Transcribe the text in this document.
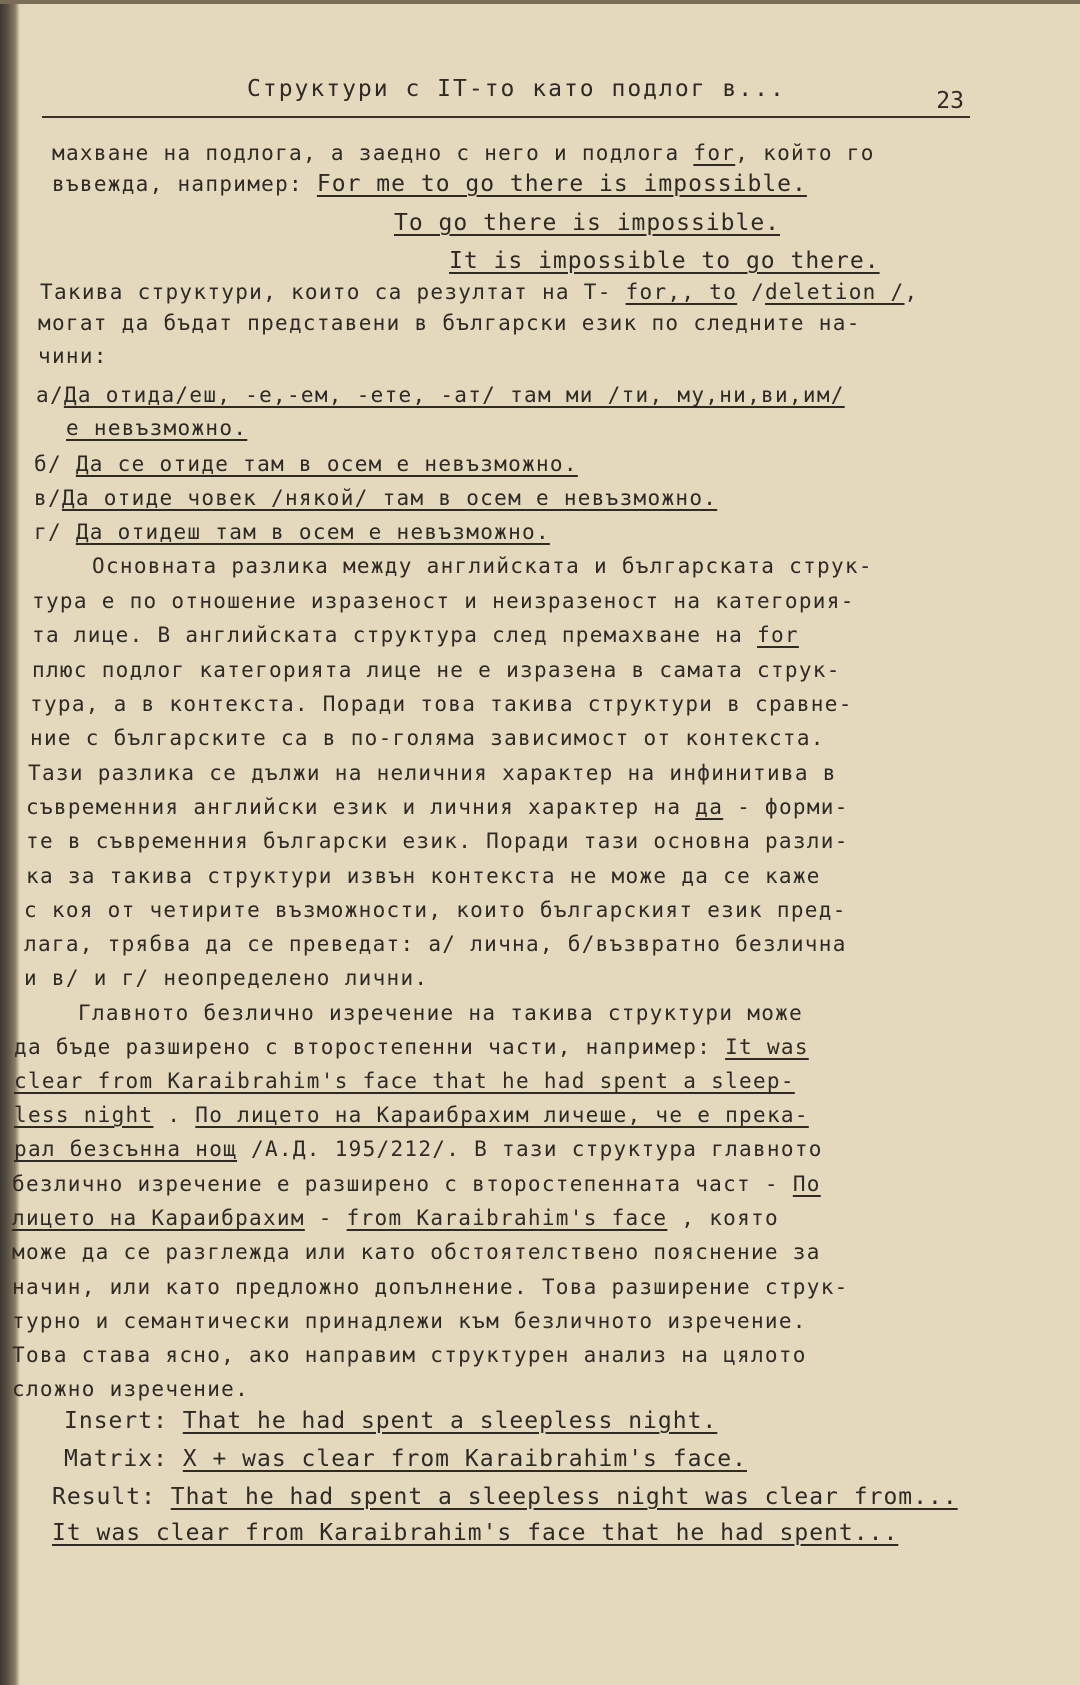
Структури с IТ-то като подлог в...	23
махване на подлога, а заедно с него и подлога for, който го
въвежда, например: For me to go there is impossible.
To go there is impossible.
It is impossible to go there.
Такива структури, които са резултат на Т- for,, to /deletion /,
могат да бъдат представени в български език по следните на-
чини:
а/Да отида/еш, -е,-ем, -ете, -ат/ там ми /ти, му,ни,ви,им/
е невъзможно.
б/ Да се отиде там в осем е невъзможно.
в/Да отиде човек /някой/ там в осем е невъзможно.
г/ Да отидеш там в осем е невъзможно.
Основната разлика между английската и българската струк-
тура е по отношение изразеност и неизразеност на категория-
та лице. В английската структура след премахване на for
плюс подлог категорията лице не е изразена в самата струк-
тура, а в контекста. Поради това такива структури в сравне-
ние с българските са в по-голяма зависимост от контекста.
Тази разлика се дължи на неличния характер на инфинитива в
съвременния английски език и личния характер на да - форми-
те в съвременния български език. Поради тази основна разли-
ка за такива структури извън контекста не може да се каже
с коя от четирите възможности, които българският език пред-
лага, трябва да се преведат: а/ лична, б/възвратно безлична
и в/ и г/ неопределено лични.
Главното безлично изречение на такива структури може
да бъде разширено с второстепенни части, например: It was
clear from Karaibrahim's face that he had spent a sleep-
less night . По лицето на Караибрахим личеше, че е прека-
рал безсънна нощ /А.Д. 195/212/. В тази структура главното
безлично изречение е разширено с второстепенната част - По
лицето на Караибрахим - from Karaibrahim's face , която
може да се разглежда или като обстоятелствено пояснение за
начин, или като предложно допълнение. Това разширение струк-
турно и семантически принадлежи към безличното изречение.
Това става ясно, ако направим структурен анализ на цялото
сложно изречение.
Insert: That he had spent a sleepless night.
Matrix: X + was clear from Karaibrahim's face.
Result: That he had spent a sleepless night was clear from...
It was clear from Karaibrahim's face that he had spent...
